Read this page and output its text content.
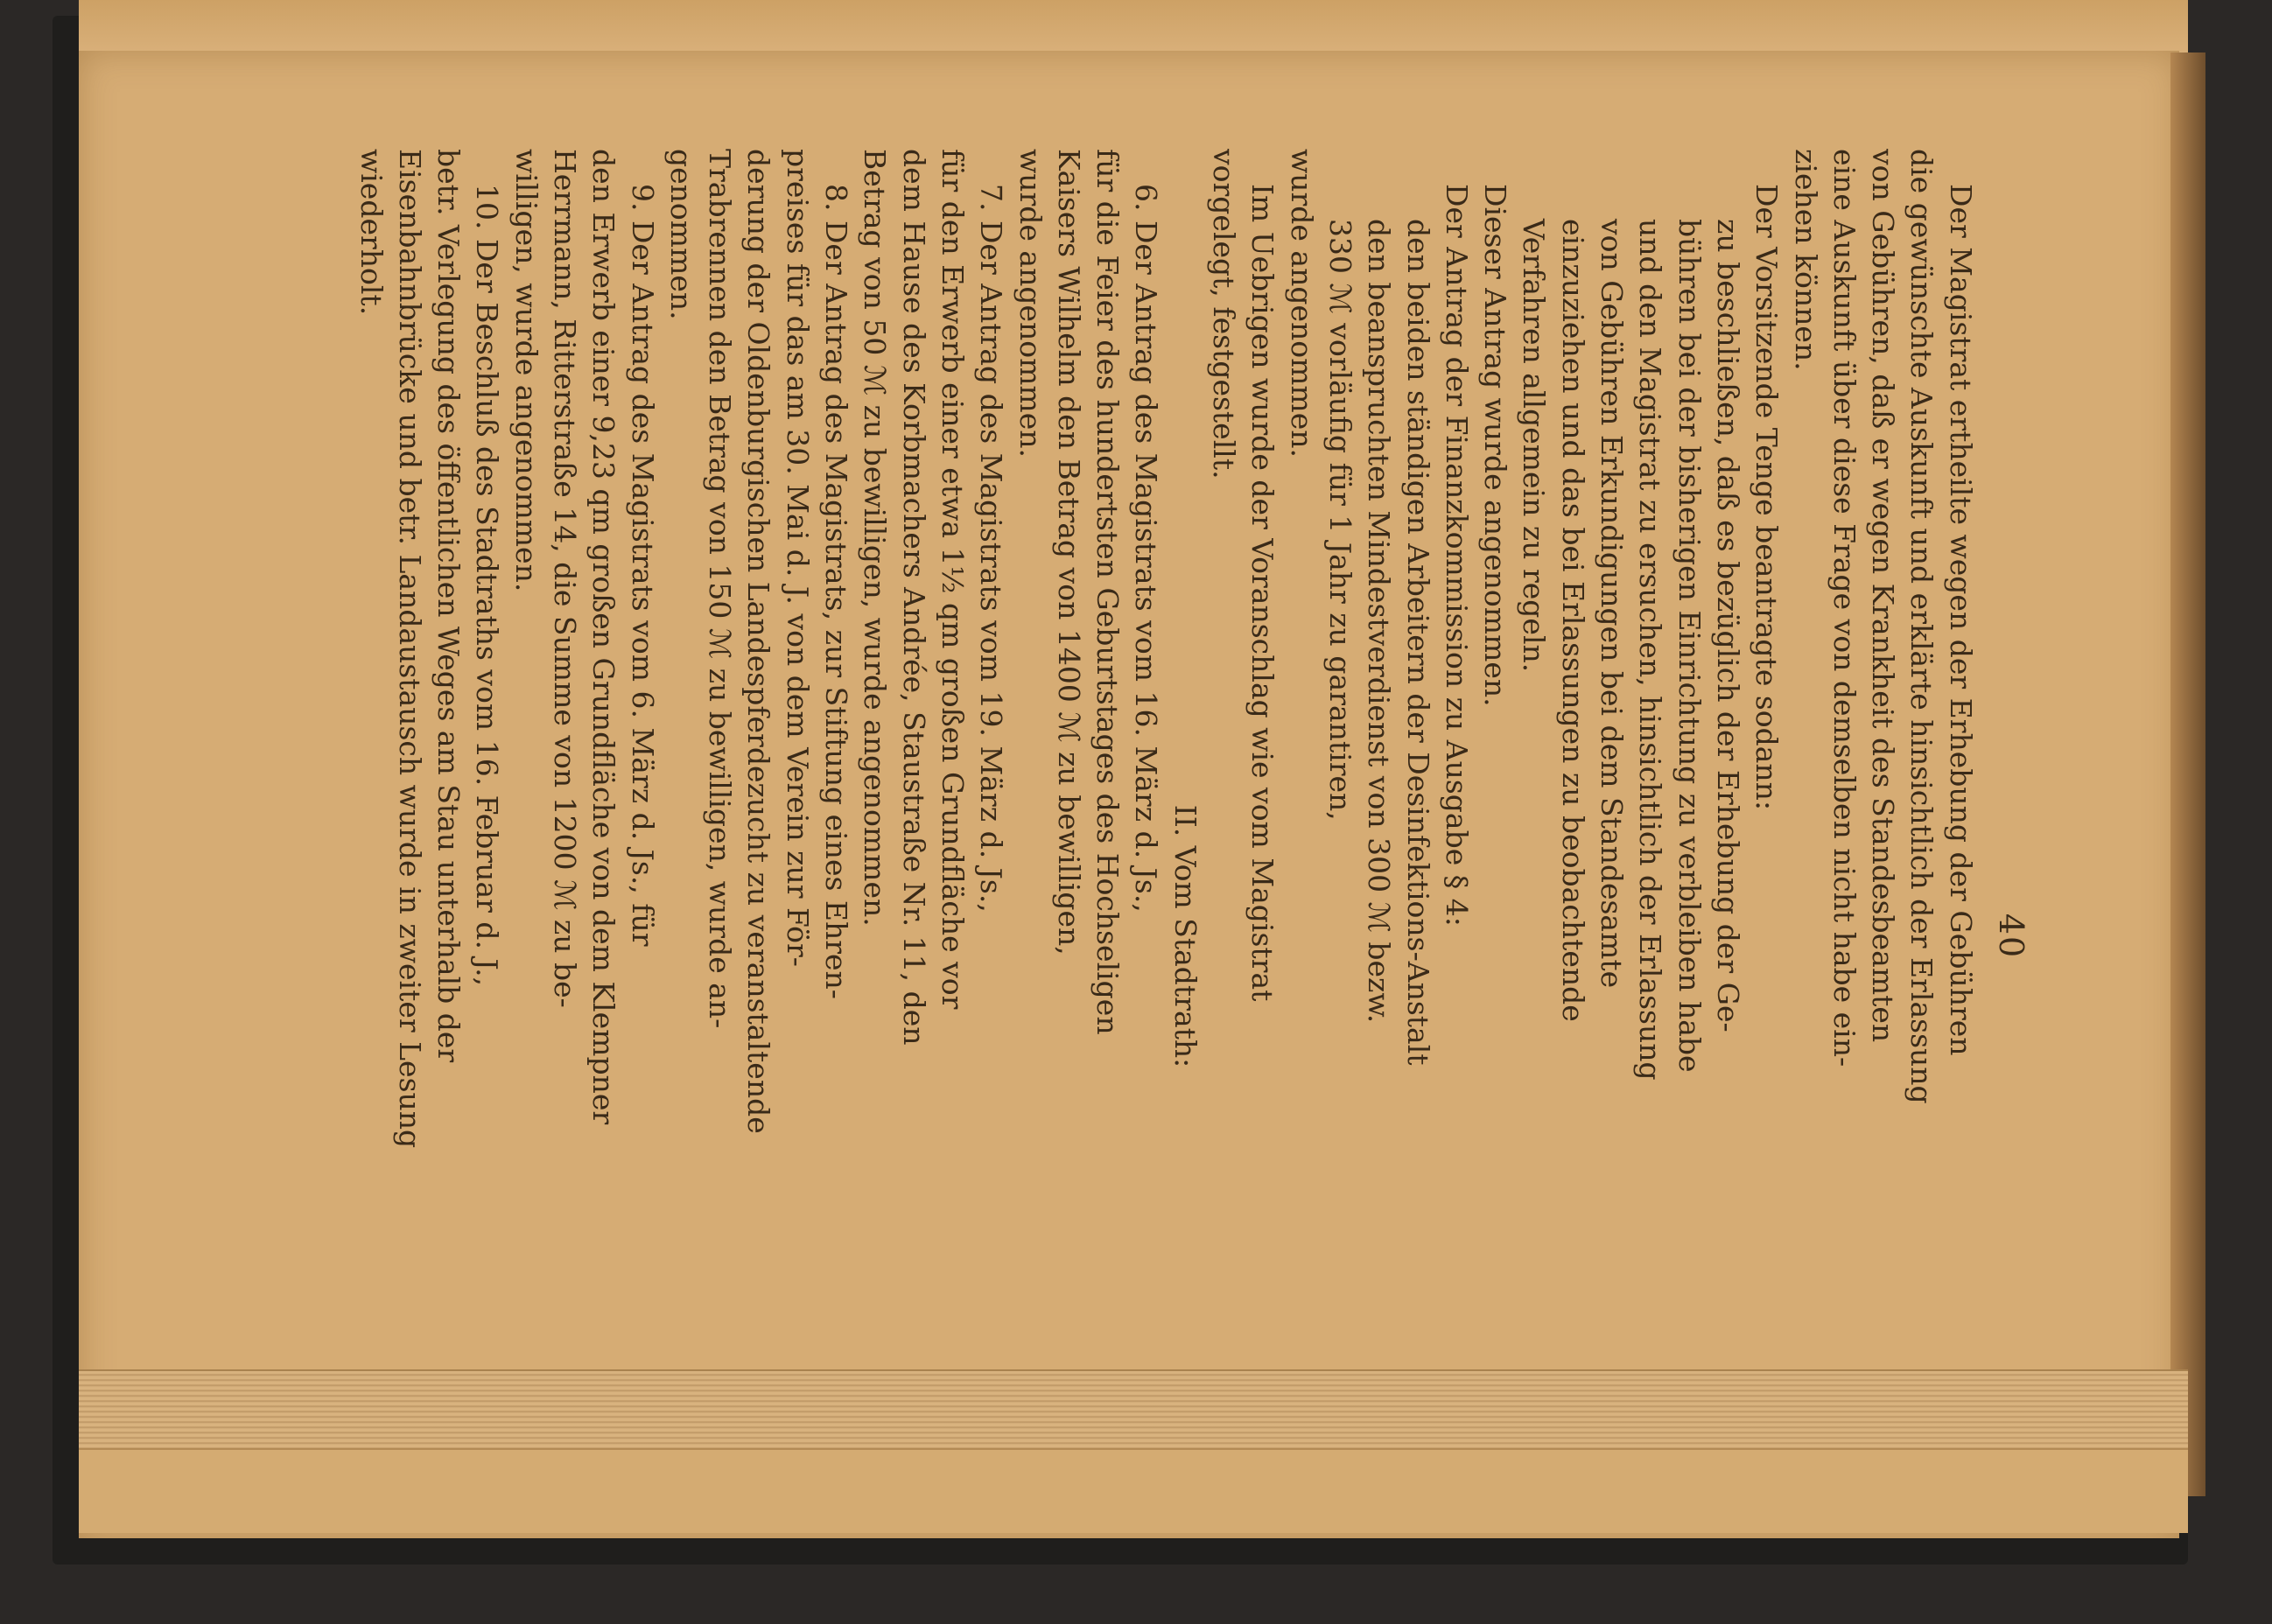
40
Der Magistrat ertheilte wegen der Erhebung der Gebühren
die gewünschte Auskunft und erklärte hinsichtlich der Erlassung
von Gebühren, daß er wegen Krankheit des Standesbeamten
eine Auskunft über diese Frage von demselben nicht habe ein-
ziehen können.
Der Vorsitzende Tenge beantragte sodann:
zu beschließen, daß es bezüglich der Erhebung der Ge-
bühren bei der bisherigen Einrichtung zu verbleiben habe
und den Magistrat zu ersuchen, hinsichtlich der Erlassung
von Gebühren Erkundigungen bei dem Standesamte
einzuziehen und das bei Erlassungen zu beobachtende
Verfahren allgemein zu regeln.
Dieser Antrag wurde angenommen.
Der Antrag der Finanzkommission zu Ausgabe § 4:
den beiden ständigen Arbeitern der Desinfektions-Anstalt
den beanspruchten Mindestverdienst von 300 ℳ bezw.
330 ℳ vorläufig für 1 Jahr zu garantiren,
wurde angenommen.
Im Uebrigen wurde der Voranschlag wie vom Magistrat
vorgelegt, festgestellt.
II. Vom Stadtrath:
6. Der Antrag des Magistrats vom 16. März d. Js.,
für die Feier des hundertsten Geburtstages des Hochseligen
Kaisers Wilhelm den Betrag von 1400 ℳ zu bewilligen,
wurde angenommen.
7. Der Antrag des Magistrats vom 19. März d. Js.,
für den Erwerb einer etwa 1½ qm großen Grundfläche vor
dem Hause des Korbmachers Andrée, Staustraße Nr. 11, den
Betrag von 50 ℳ zu bewilligen, wurde angenommen.
8. Der Antrag des Magistrats, zur Stiftung eines Ehren-
preises für das am 30. Mai d. J. von dem Verein zur För-
derung der Oldenburgischen Landespferdezucht zu veranstaltende
Trabrennen den Betrag von 150 ℳ zu bewilligen, wurde an-
genommen.
9. Der Antrag des Magistrats vom 6. März d. Js., für
den Erwerb einer 9,23 qm großen Grundfläche von dem Klempner
Herrmann, Ritterstraße 14, die Summe von 1200 ℳ zu be-
willigen, wurde angenommen.
10. Der Beschluß des Stadtraths vom 16. Februar d. J.,
betr. Verlegung des öffentlichen Weges am Stau unterhalb der
Eisenbahnbrücke und betr. Landaustausch wurde in zweiter Lesung
wiederholt.
